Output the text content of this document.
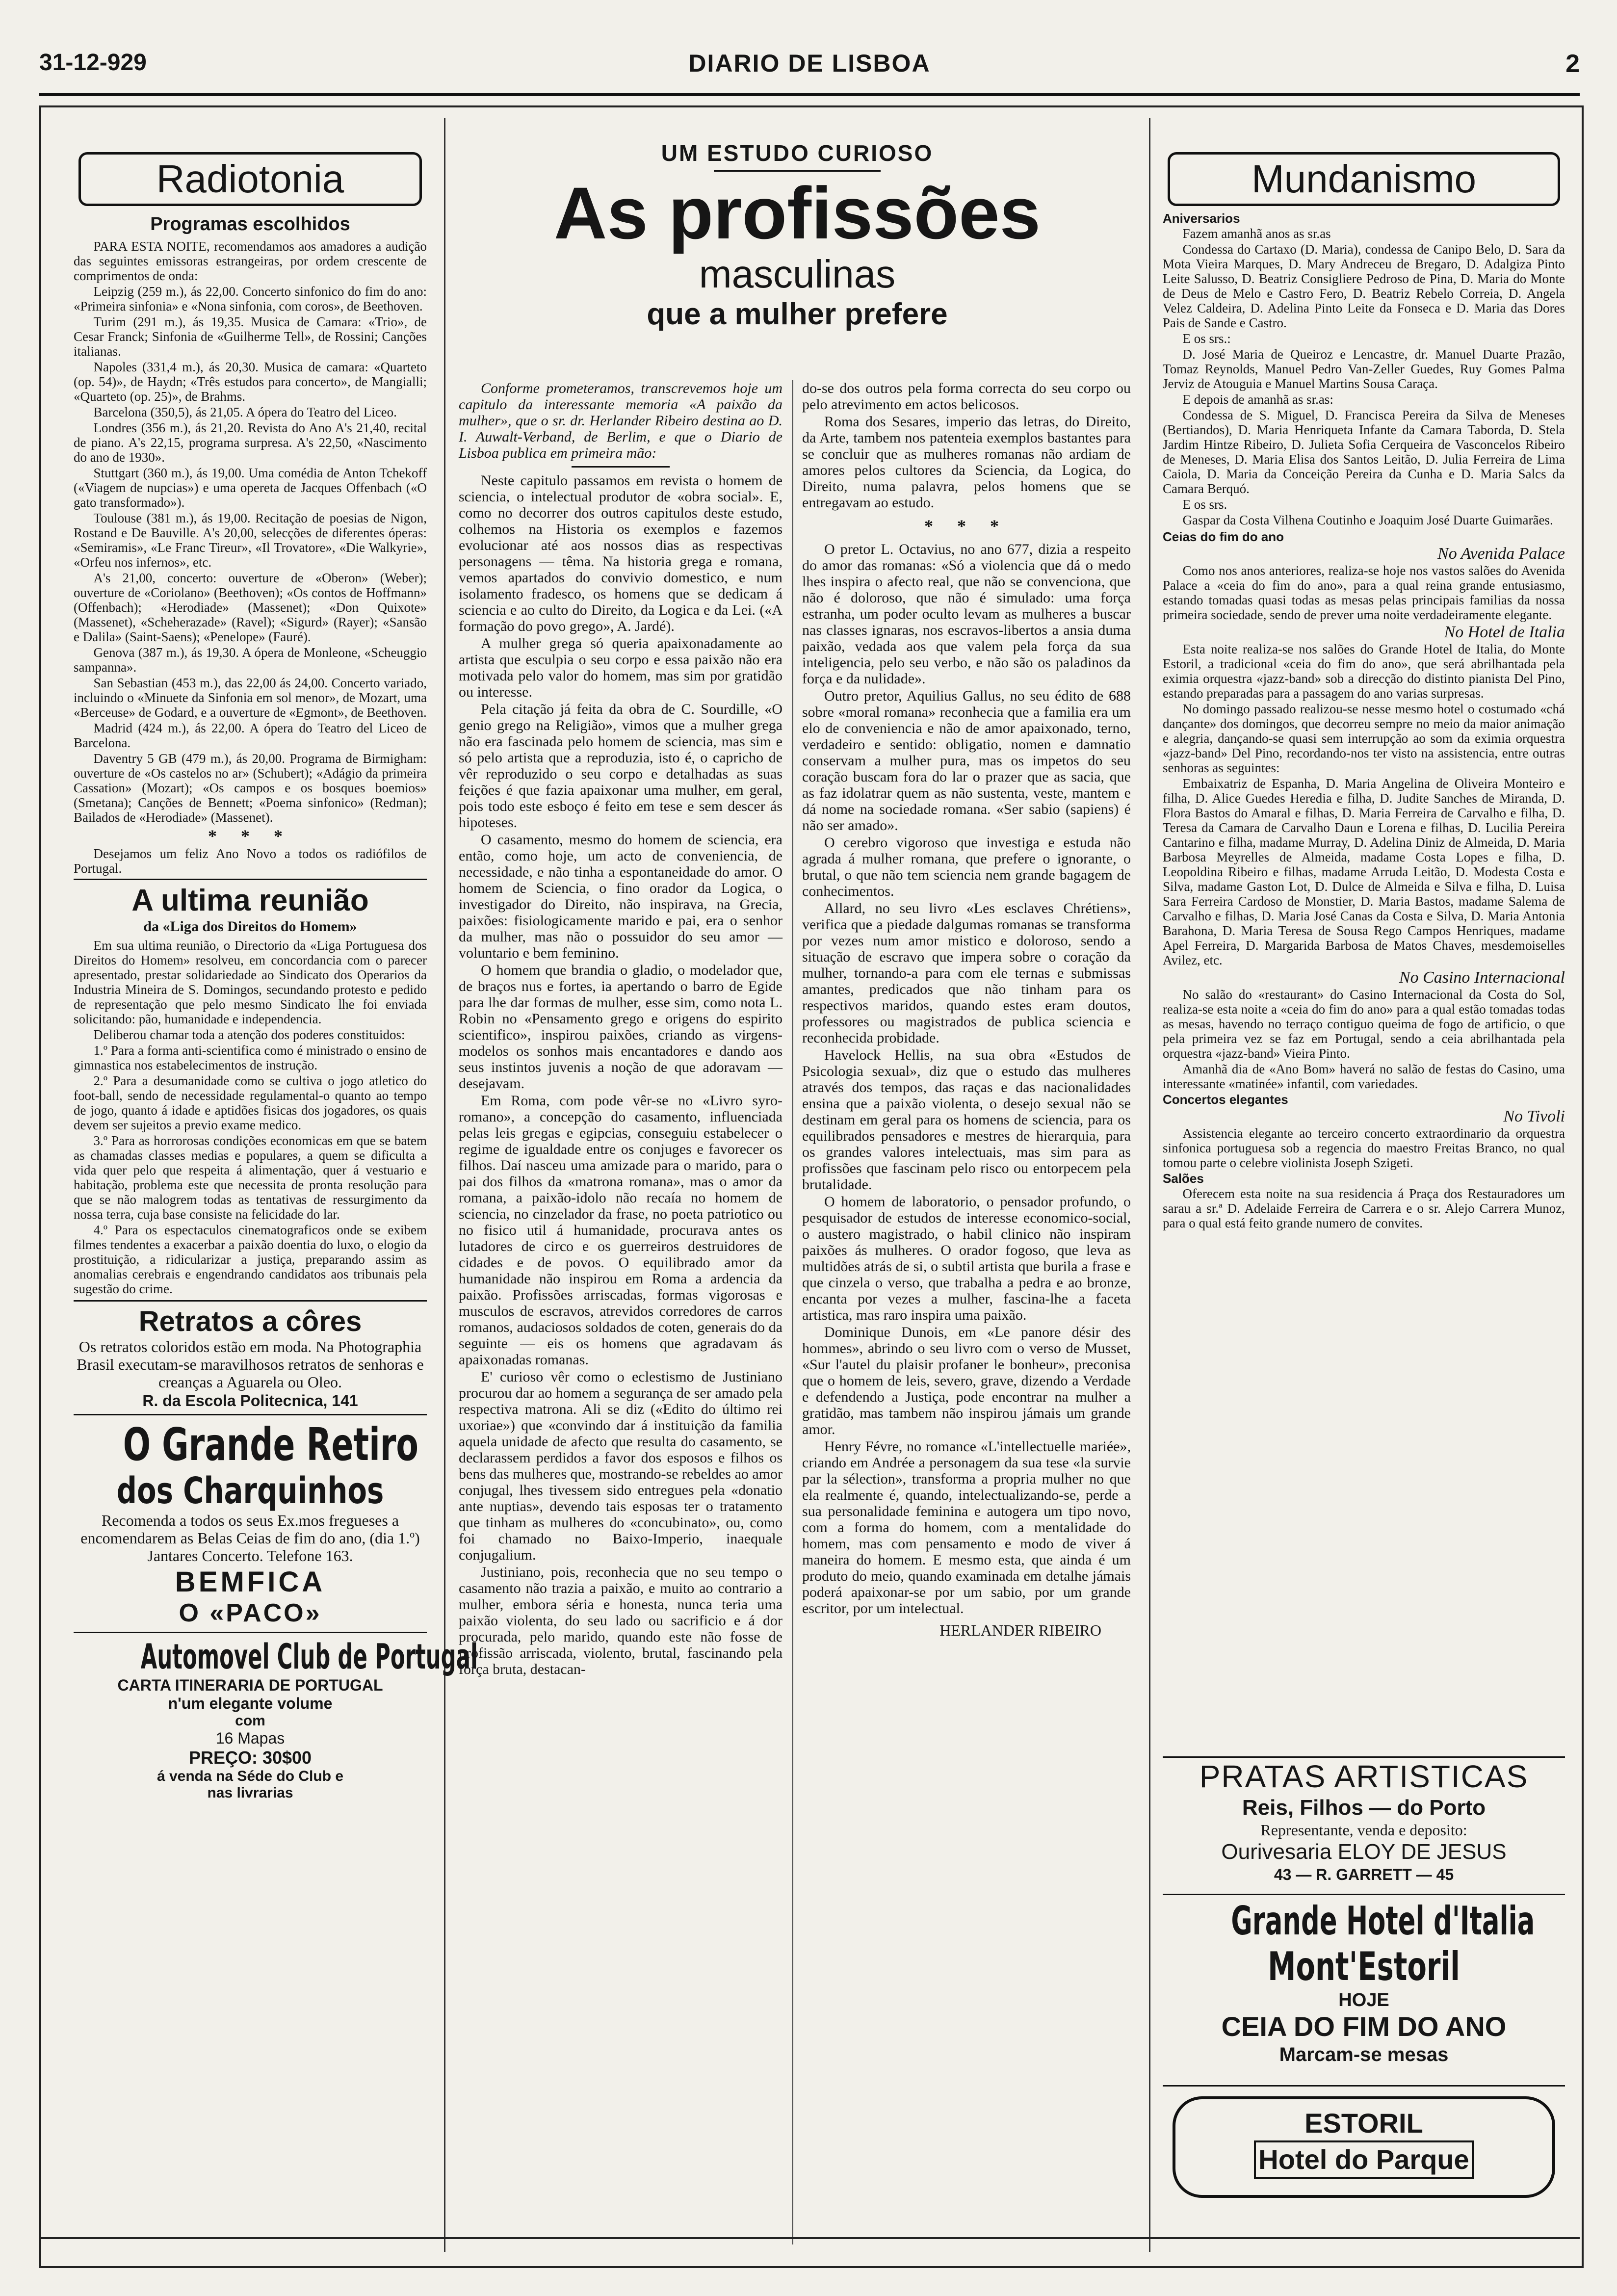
31-12-929	DIARIO DE LISBOA	2
Radiotonia
Programas escolhidos

PARA ESTA NOITE, recomendamos aos amadores a audição das seguintes emissoras estrangeiras, por ordem crescente de comprimentos de onda:

Leipzig (259 m.), ás 22,00. Concerto sinfonico do fim do ano: «Primeira sinfonia» e «Nona sinfonia, com coros», de Beethoven.

Turim (291 m.), ás 19,35. Musica de Camara: «Trio», de Cesar Franck; Sinfonia de «Guilherme Tell», de Rossini; Canções italianas.

Napoles (331,4 m.), ás 20,30. Musica de camara: «Quarteto (op. 54)», de Haydn; «Três estudos para concerto», de Mangialli; «Quarteto (op. 25)», de Brahms.

Barcelona (350,5), ás 21,05. A ópera do Teatro del Liceo.

Londres (356 m.), ás 21,20. Revista do Ano A's 21,40, recital de piano. A's 22,15, programa surpresa. A's 22,50, «Nascimento do ano de 1930».

Stuttgart (360 m.), ás 19,00. Uma comédia de Anton Tchekoff («Viagem de nupcias») e uma opereta de Jacques Offenbach («O gato transformado»).

Toulouse (381 m.), ás 19,00. Recitação de poesias de Nigon, Rostand e De Bauville. A's 20,00, selecções de diferentes óperas: «Semiramis», «Le Franc Tireur», «Il Trovatore», «Die Walkyrie», «Orfeu nos infernos», etc.

A's 21,00, concerto: ouverture de «Oberon» (Weber); ouverture de «Coriolano» (Beethoven); «Os contos de Hoffmann» (Offenbach); «Herodiade» (Massenet); «Don Quixote» (Massenet), «Scheherazade» (Ravel); «Sigurd» (Rayer); «Sansão e Dalila» (Saint-Saens); «Penelope» (Fauré).

Genova (387 m.), ás 19,30. A ópera de Monleone, «Scheuggio sampanna».

San Sebastian (453 m.), das 22,00 ás 24,00. Concerto variado, incluindo o «Minuete da Sinfonia em sol menor», de Mozart, uma «Berceuse» de Godard, e a ouverture de «Egmont», de Beethoven.

Madrid (424 m.), ás 22,00. A ópera do Teatro del Liceo de Barcelona.

Daventry 5 GB (479 m.), ás 20,00. Programa de Birmigham: ouverture de «Os castelos no ar» (Schubert); «Adágio da primeira Cassation» (Mozart); «Os campos e os bosques boemios» (Smetana); Canções de Bennett; «Poema sinfonico» (Redman); Bailados de «Herodiade» (Massenet).

* * *

Desejamos um feliz Ano Novo a todos os radiófilos de Portugal.

A ultima reunião
da «Liga dos Direitos do Homem»

Em sua ultima reunião, o Directorio da «Liga Portuguesa dos Direitos do Homem» resolveu, em concordancia com o parecer apresentado, prestar solidariedade ao Sindicato dos Operarios da Industria Mineira de S. Domingos, secundando protesto e pedido de representação que pelo mesmo Sindicato lhe foi enviada solicitando: pão, humanidade e independencia.

Deliberou chamar toda a atenção dos poderes constituidos:

1.º Para a forma anti-scientifica como é ministrado o ensino de gimnastica nos estabelecimentos de instrução.

2.º Para a desumanidade como se cultiva o jogo atletico do foot-ball, sendo de necessidade regulamental-o quanto ao tempo de jogo, quanto á idade e aptidões fisicas dos jogadores, os quais devem ser sujeitos a previo exame medico.

3.º Para as horrorosas condições economicas em que se batem as chamadas classes medias e populares, a quem se dificulta a vida quer pelo que respeita á alimentação, quer á vestuario e habitação, problema este que necessita de pronta resolução para que se não malogrem todas as tentativas de ressurgimento da nossa terra, cuja base consiste na felicidade do lar.

4.º Para os espectaculos cinematograficos onde se exibem filmes tendentes a exacerbar a paixão doentia do luxo, o elogio da prostituição, a ridicularizar a justiça, preparando assim as anomalias cerebrais e engendrando candidatos aos tribunais pela sugestão do crime.

Retratos a côres

Os retratos coloridos estão em moda. Na Photographia Brasil executam-se maravilhosos retratos de senhoras e creanças a Aguarela ou Oleo.

R. da Escola Politecnica, 141
O Grande Retiro
dos Charquinhos

Recomenda a todos os seus Ex.mos fregueses a encomendarem as Belas Ceias de fim do ano, (dia 1.º) Jantares Concerto. Telefone 163.

BEMFICA
O «PACO»
Automovel Club de Portugal
CARTA ITINERARIA DE PORTUGAL
n'um elegante volume
com
16 Mapas
PREÇO: 30$00
á venda na Séde do Club e
nas livrarias
UM ESTUDO CURIOSO
As profissões
masculinas
que a mulher prefere

Conforme prometeramos, transcrevemos hoje um capitulo da interessante memoria «A paixão da mulher», que o sr. dr. Herlander Ribeiro destina ao D. I. Auwalt-Verband, de Berlim, e que o Diario de Lisboa publica em primeira mão:

Neste capitulo passamos em revista o homem de sciencia, o intelectual produtor de «obra social». E, como no decorrer dos outros capitulos deste estudo, colhemos na Historia os exemplos e fazemos evolucionar até aos nossos dias as respectivas personagens — têma. Na historia grega e romana, vemos apartados do convivio domestico, e num isolamento fradesco, os homens que se dedicam á sciencia e ao culto do Direito, da Logica e da Lei. («A formação do povo grego», A. Jardé).

A mulher grega só queria apaixonadamente ao artista que esculpia o seu corpo e essa paixão não era motivada pelo valor do homem, mas sim por gratidão ou interesse.

Pela citação já feita da obra de C. Sourdille, «O genio grego na Religião», vimos que a mulher grega não era fascinada pelo homem de sciencia, mas sim e só pelo artista que a reproduzia, isto é, o capricho de vêr reproduzido o seu corpo e detalhadas as suas feições é que fazia apaixonar uma mulher, em geral, pois todo este esboço é feito em tese e sem descer ás hipoteses.

O casamento, mesmo do homem de sciencia, era então, como hoje, um acto de conveniencia, de necessidade, e não tinha a espontaneidade do amor. O homem de Sciencia, o fino orador da Logica, o investigador do Direito, não inspirava, na Grecia, paixões: fisiologicamente marido e pai, era o senhor da mulher, mas não o possuidor do seu amor — voluntario e bem feminino.

O homem que brandia o gladio, o modelador que, de braços nus e fortes, ia apertando o barro de Egide para lhe dar formas de mulher, esse sim, como nota L. Robin no «Pensamento grego e origens do espirito scientifico», inspirou paixões, criando as virgens-modelos os sonhos mais encantadores e dando aos seus instintos juvenis a noção de que adoravam — desejavam.

Em Roma, com pode vêr-se no «Livro syro-romano», a concepção do casamento, influenciada pelas leis gregas e egipcias, conseguiu estabelecer o regime de igualdade entre os conjuges e favorecer os filhos. Daí nasceu uma amizade para o marido, para o pai dos filhos da «matrona romana», mas o amor da romana, a paixão-idolo não recaía no homem de sciencia, no cinzelador da frase, no poeta patriotico ou no fisico util á humanidade, procurava antes os lutadores de circo e os guerreiros destruidores de cidades e de povos. O equilibrado amor da humanidade não inspirou em Roma a ardencia da paixão. Profissões arriscadas, formas vigorosas e musculos de escravos, atrevidos corredores de carros romanos, audaciosos soldados de coten, generais do da seguinte — eis os homens que agradavam ás apaixonadas romanas.

E' curioso vêr como o eclestismo de Justiniano procurou dar ao homem a segurança de ser amado pela respectiva matrona. Ali se diz («Edito do último rei uxoriae») que «convindo dar á instituição da familia aquela unidade de afecto que resulta do casamento, se declarassem perdidos a favor dos esposos e filhos os bens das mulheres que, mostrando-se rebeldes ao amor conjugal, lhes tivessem sido entregues pela «donatio ante nuptias», devendo tais esposas ter o tratamento que tinham as mulheres do «concubinato», ou, como foi chamado no Baixo-Imperio, inaequale conjugalium.

Justiniano, pois, reconhecia que no seu tempo o casamento não trazia a paixão, e muito ao contrario a mulher, embora séria e honesta, nunca teria uma paixão violenta, do seu lado ou sacrificio e á dor procurada, pelo marido, quando este não fosse de profissão arriscada, violento, brutal, fascinando pela força bruta, destacan-

do-se dos outros pela forma correcta do seu corpo ou pelo atrevimento em actos belicosos.

Roma dos Sesares, imperio das letras, do Direito, da Arte, tambem nos patenteia exemplos bastantes para se concluir que as mulheres romanas não ardiam de amores pelos cultores da Sciencia, da Logica, do Direito, numa palavra, pelos homens que se entregavam ao estudo.

* * *

O pretor L. Octavius, no ano 677, dizia a respeito do amor das romanas: «Só a violencia que dá o medo lhes inspira o afecto real, que não se convenciona, que não é doloroso, que não é simulado: uma força estranha, um poder oculto levam as mulheres a buscar nas classes ignaras, nos escravos-libertos a ansia duma paixão, vedada aos que valem pela força da sua inteligencia, pelo seu verbo, e não são os paladinos da força e da nulidade».

Outro pretor, Aquilius Gallus, no seu édito de 688 sobre «moral romana» reconhecia que a familia era um elo de conveniencia e não de amor apaixonado, terno, verdadeiro e sentido: obligatio, nomen e damnatio conservam a mulher pura, mas os impetos do seu coração buscam fora do lar o prazer que as sacia, que as faz idolatrar quem as não sustenta, veste, mantem e dá nome na sociedade romana. «Ser sabio (sapiens) é não ser amado».

O cerebro vigoroso que investiga e estuda não agrada á mulher romana, que prefere o ignorante, o brutal, o que não tem sciencia nem grande bagagem de conhecimentos.

Allard, no seu livro «Les esclaves Chrétiens», verifica que a piedade dalgumas romanas se transforma por vezes num amor mistico e doloroso, sendo a situação de escravo que impera sobre o coração da mulher, tornando-a para com ele ternas e submissas amantes, predicados que não tinham para os respectivos maridos, quando estes eram doutos, professores ou magistrados de publica sciencia e reconhecida probidade.

Havelock Hellis, na sua obra «Estudos de Psicologia sexual», diz que o estudo das mulheres através dos tempos, das raças e das nacionalidades ensina que a paixão violenta, o desejo sexual não se destinam em geral para os homens de sciencia, para os equilibrados pensadores e mestres de hierarquia, para os grandes valores intelectuais, mas sim para as profissões que fascinam pelo risco ou entorpecem pela brutalidade.

O homem de laboratorio, o pensador profundo, o pesquisador de estudos de interesse economico-social, o austero magistrado, o habil clinico não inspiram paixões ás mulheres. O orador fogoso, que leva as multidões atrás de si, o subtil artista que burila a frase e que cinzela o verso, que trabalha a pedra e ao bronze, encanta por vezes a mulher, fascina-lhe a faceta artistica, mas raro inspira uma paixão.

Dominique Dunois, em «Le panore désir des hommes», abrindo o seu livro com o verso de Musset, «Sur l'autel du plaisir profaner le bonheur», preconisa que o homem de leis, severo, grave, dizendo a Verdade e defendendo a Justiça, pode encontrar na mulher a gratidão, mas tambem não inspirou jámais um grande amor.

Henry Févre, no romance «L'intellectuelle mariée», criando em Andrée a personagem da sua tese «la survie par la sélection», transforma a propria mulher no que ela realmente é, quando, intelectualizando-se, perde a sua personalidade feminina e autogera um tipo novo, com a forma do homem, com a mentalidade do homem, mas com pensamento e modo de viver á maneira do homem. E mesmo esta, que ainda é um produto do meio, quando examinada em detalhe jámais poderá apaixonar-se por um sabio, por um grande escritor, por um intelectual.

HERLANDER RIBEIRO
Mundanismo
Aniversarios

Fazem amanhã anos as sr.as

Condessa do Cartaxo (D. Maria), condessa de Canipo Belo, D. Sara da Mota Vieira Marques, D. Mary Andreceu de Bregaro, D. Adalgiza Pinto Leite Salusso, D. Beatriz Consigliere Pedroso de Pina, D. Maria do Monte de Deus de Melo e Castro Fero, D. Beatriz Rebelo Correia, D. Angela Velez Caldeira, D. Adelina Pinto Leite da Fonseca e D. Maria das Dores Pais de Sande e Castro.

E os srs.:

D. José Maria de Queiroz e Lencastre, dr. Manuel Duarte Prazão, Tomaz Reynolds, Manuel Pedro Van-Zeller Guedes, Ruy Gomes Palma Jerviz de Atouguia e Manuel Martins Sousa Caraça.

E depois de amanhã as sr.as:

Condessa de S. Miguel, D. Francisca Pereira da Silva de Meneses (Bertiandos), D. Maria Henriqueta Infante da Camara Taborda, D. Stela Jardim Hintze Ribeiro, D. Julieta Sofia Cerqueira de Vasconcelos Ribeiro de Meneses, D. Maria Elisa dos Santos Leitão, D. Julia Ferreira de Lima Caiola, D. Maria da Conceição Pereira da Cunha e D. Maria Salcs da Camara Berquó.

E os srs.

Gaspar da Costa Vilhena Coutinho e Joaquim José Duarte Guimarães.

Ceias do fim do ano
No Avenida Palace

Como nos anos anteriores, realiza-se hoje nos vastos salões do Avenida Palace a «ceia do fim do ano», para a qual reina grande entusiasmo, estando tomadas quasi todas as mesas pelas principais familias da nossa primeira sociedade, sendo de prever uma noite verdadeiramente elegante.

No Hotel de Italia

Esta noite realiza-se nos salões do Grande Hotel de Italia, do Monte Estoril, a tradicional «ceia do fim do ano», que será abrilhantada pela eximia orquestra «jazz-band» sob a direcção do distinto pianista Del Pino, estando preparadas para a passagem do ano varias surpresas.

No domingo passado realizou-se nesse mesmo hotel o costumado «chá dançante» dos domingos, que decorreu sempre no meio da maior animação e alegria, dançando-se quasi sem interrupção ao som da eximia orquestra «jazz-band» Del Pino, recordando-nos ter visto na assistencia, entre outras senhoras as seguintes:

Embaixatriz de Espanha, D. Maria Angelina de Oliveira Monteiro e filha, D. Alice Guedes Heredia e filha, D. Judite Sanches de Miranda, D. Flora Bastos do Amaral e filhas, D. Maria Ferreira de Carvalho e filha, D. Teresa da Camara de Carvalho Daun e Lorena e filhas, D. Lucilia Pereira Cantarino e filha, madame Murray, D. Adelina Diniz de Almeida, D. Maria Barbosa Meyrelles de Almeida, madame Costa Lopes e filha, D. Leopoldina Ribeiro e filhas, madame Arruda Leitão, D. Modesta Costa e Silva, madame Gaston Lot, D. Dulce de Almeida e Silva e filha, D. Luisa Sara Ferreira Cardoso de Monstier, D. Maria Bastos, madame Salema de Carvalho e filhas, D. Maria José Canas da Costa e Silva, D. Maria Antonia Barahona, D. Maria Teresa de Sousa Rego Campos Henriques, madame Apel Ferreira, D. Margarida Barbosa de Matos Chaves, mesdemoiselles Avilez, etc.

No Casino Internacional

No salão do «restaurant» do Casino Internacional da Costa do Sol, realiza-se esta noite a «ceia do fim do ano» para a qual estão tomadas todas as mesas, havendo no terraço contiguo queima de fogo de artificio, o que pela primeira vez se faz em Portugal, sendo a ceia abrilhantada pela orquestra «jazz-band» Vieira Pinto.

Amanhã dia de «Ano Bom» haverá no salão de festas do Casino, uma interessante «matinée» infantil, com variedades.

Concertos elegantes
No Tivoli

Assistencia elegante ao terceiro concerto extraordinario da orquestra sinfonica portuguesa sob a regencia do maestro Freitas Branco, no qual tomou parte o celebre violinista Joseph Szigeti.

Salões

Oferecem esta noite na sua residencia á Praça dos Restauradores um sarau a sr.ª D. Adelaide Ferreira de Carrera e o sr. Alejo Carrera Munoz, para o qual está feito grande numero de convites.

PRATAS ARTISTICAS
Reis, Filhos — do Porto
Representante, venda e deposito:
Ourivesaria ELOY DE JESUS
43 — R. GARRETT — 45
Grande Hotel d'Italia
Mont'Estoril
HOJE
CEIA DO FIM DO ANO
Marcam-se mesas
ESTORIL
Hotel do Parque
